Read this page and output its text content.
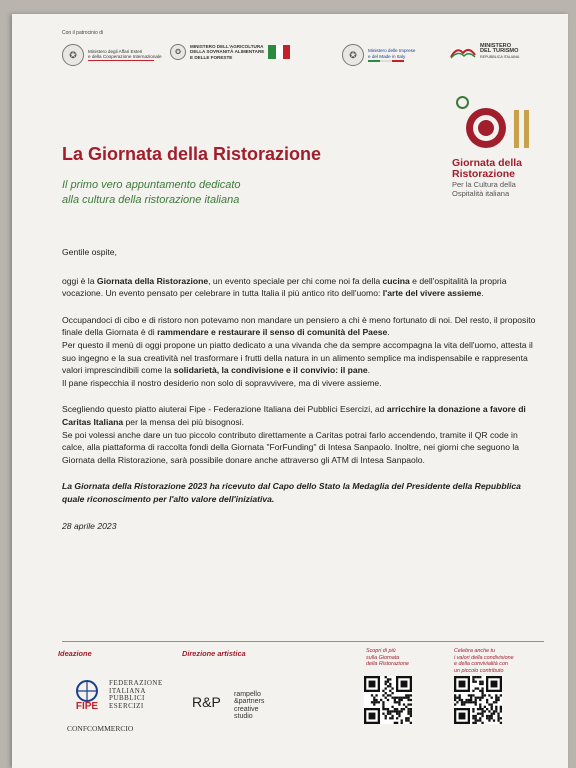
Con il patrocinio di
✪	Ministero degli Affari Esteri
e della Cooperazione Internazionale
✪
MINISTERO DELL'AGRICOLTURA
DELLA SOVRANITÀ ALIMENTARE
E DELLE FORESTE	✪	Ministero delle Imprese
e del Made in Italy
MINISTERO
DEL TURISMO
REPUBBLICA ITALIANA
La Giornata della Ristorazione
Il primo vero appuntamento dedicato
alla cultura della ristorazione italiana
Giornata della
Ristorazione
Per la Cultura della
Ospitalità italiana

Gentile ospite,

oggi è la Giornata della Ristorazione, un evento speciale per chi come noi fa della cucina e dell'ospitalità la propria vocazione. Un evento pensato per celebrare in tutta Italia il più antico rito dell'uomo: l'arte del vivere assieme.

Occupandoci di cibo e di ristoro non potevamo non mandare un pensiero a chi è meno fortunato di noi. Del resto, il proposito finale della Giornata è di rammendare e restaurare il senso di comunità del Paese.

Per questo il menù di oggi propone un piatto dedicato a una vivanda che da sempre accompagna la vita dell'uomo, attesta il suo ingegno e la sua creatività nel trasformare i frutti della natura in un alimento semplice ma indispensabile e rappresenta valori imprescindibili come la solidarietà, la condivisione e il convivio: il pane.

Il pane rispecchia il nostro desiderio non solo di sopravvivere, ma di vivere assieme.

Scegliendo questo piatto aiuterai Fipe - Federazione Italiana dei Pubblici Esercizi, ad arricchire la donazione a favore di Caritas Italiana per la mensa dei più bisognosi.

Se poi volessi anche dare un tuo piccolo contributo direttamente a Caritas potrai farlo accendendo, tramite il QR code in calce, alla piattaforma di raccolta fondi della Giornata "ForFunding" di Intesa Sanpaolo. Inoltre, nei giorni che seguono la Giornata della Ristorazione, sarà possibile donare anche attraverso gli ATM di Intesa Sanpaolo.

La Giornata della Ristorazione 2023 ha ricevuto dal Capo dello Stato la Medaglia del Presidente della Repubblica quale riconoscimento per l'alto valore dell'iniziativa.

28 aprile 2023

Ideazione	Direzione artistica	Scopri di più
sulla Giornata
della Ristorazione
Celebra anche tu
i valori della condivisione
e della convivialità con
un piccolo contributo
FIPE
FEDERAZIONE
ITALIANA
PUBBLICI
ESERCIZI
CONFCOMMERCIO
R&P rampello
&partners
creative
studio
